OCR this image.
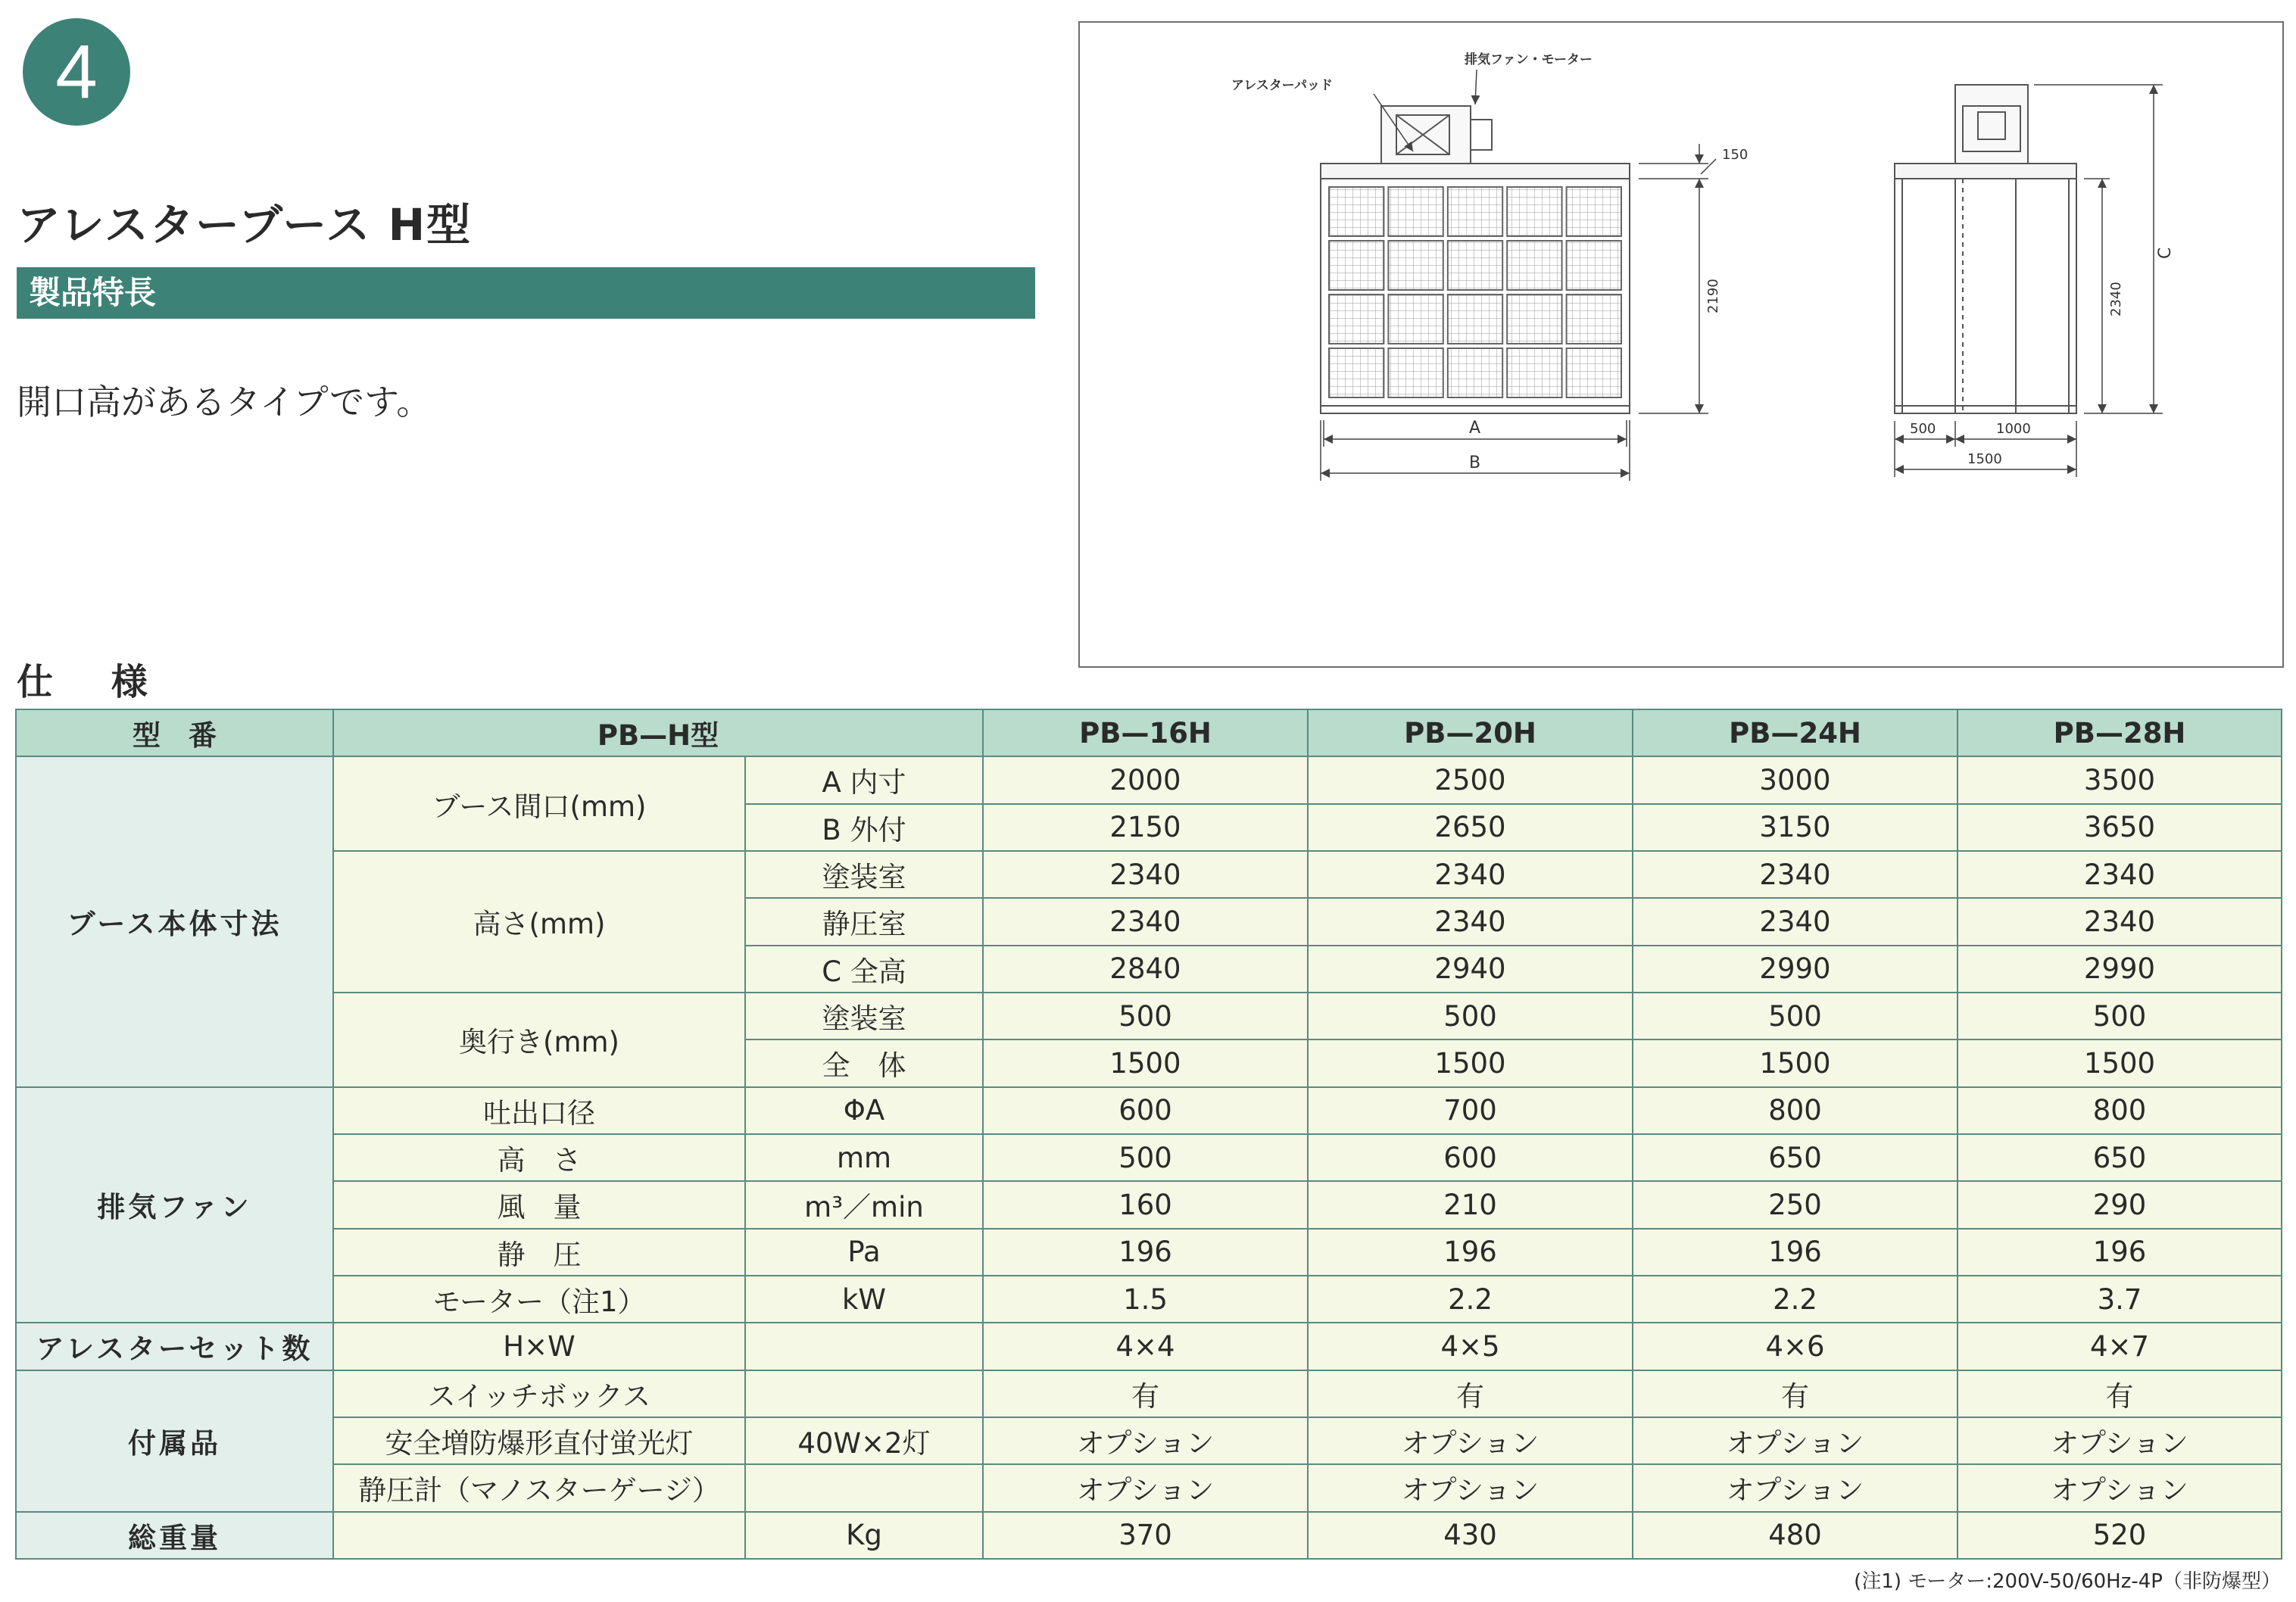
4
アレスターブース H型
製品特長
開口高があるタイプです。
仕 様
排気ファン・モーター
アレスターパッド
150
2190
A
B
2340
C
500	1000
1500
型　番	PB—H型		PB—16H	PB—20H	PB—24H	PB—28H
ブース本体寸法	ブース間口(mm)	A 内寸	2000	2500	3000	3500
		B 外付	2150	2650	3150	3650
	高さ(mm)	塗装室	2340	2340	2340	2340
		静圧室	2340	2340	2340	2340
		C 全高	2840	2940	2990	2990
	奥行き(mm)	塗装室	500	500	500	500
		全　体	1500	1500	1500	1500
排気ファン	吐出口径	ΦA	600	700	800	800
	高　さ	mm	500	600	650	650
	風　量	m³／min	160	210	250	290
	静　圧	Pa	196	196	196	196
	モーター（注1）	kW	1.5	2.2	2.2	3.7
アレスターセット数	H×W		4×4	4×5	4×6	4×7
付属品	スイッチボックス		有	有	有	有
	安全増防爆形直付蛍光灯	40W×2灯	オプション	オプション	オプション	オプション
	静圧計（マノスターゲージ）		オプション	オプション	オプション	オプション
総重量		Kg	370	430	480	520
(注1) モーター:200V-50/60Hz-4P（非防爆型）
